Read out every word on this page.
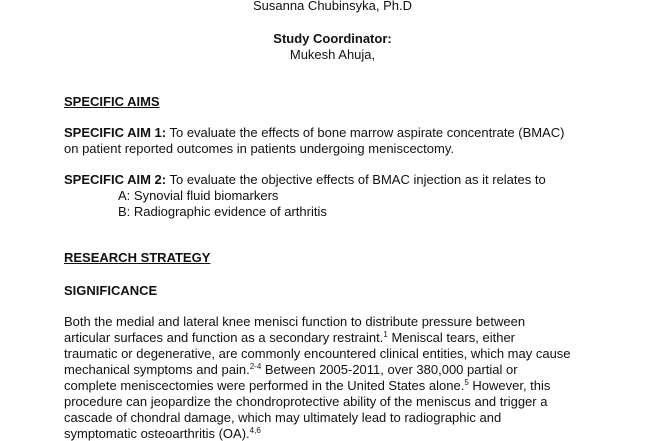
Susanna Chubinsyka, Ph.D
Study Coordinator:
Mukesh Ahuja,
SPECIFIC AIMS
SPECIFIC AIM 1: To evaluate the effects of bone marrow aspirate concentrate (BMAC)
on patient reported outcomes in patients undergoing meniscectomy.
SPECIFIC AIM 2: To evaluate the objective effects of BMAC injection as it relates to
A: Synovial fluid biomarkers
B: Radiographic evidence of arthritis
RESEARCH STRATEGY
SIGNIFICANCE
Both the medial and lateral knee menisci function to distribute pressure between
articular surfaces and function as a secondary restraint.$^1$ Meniscal tears, either
traumatic or degenerative, are commonly encountered clinical entities, which may cause
mechanical symptoms and pain.$^{2-4}$ Between 2005-2011, over 380,000 partial or
complete meniscectomies were performed in the United States alone.$^5$ However, this
procedure can jeopardize the chondroprotective ability of the meniscus and trigger a
cascade of chondral damage, which may ultimately lead to radiographic and
symptomatic osteoarthritis (OA).$^{4,6}$
